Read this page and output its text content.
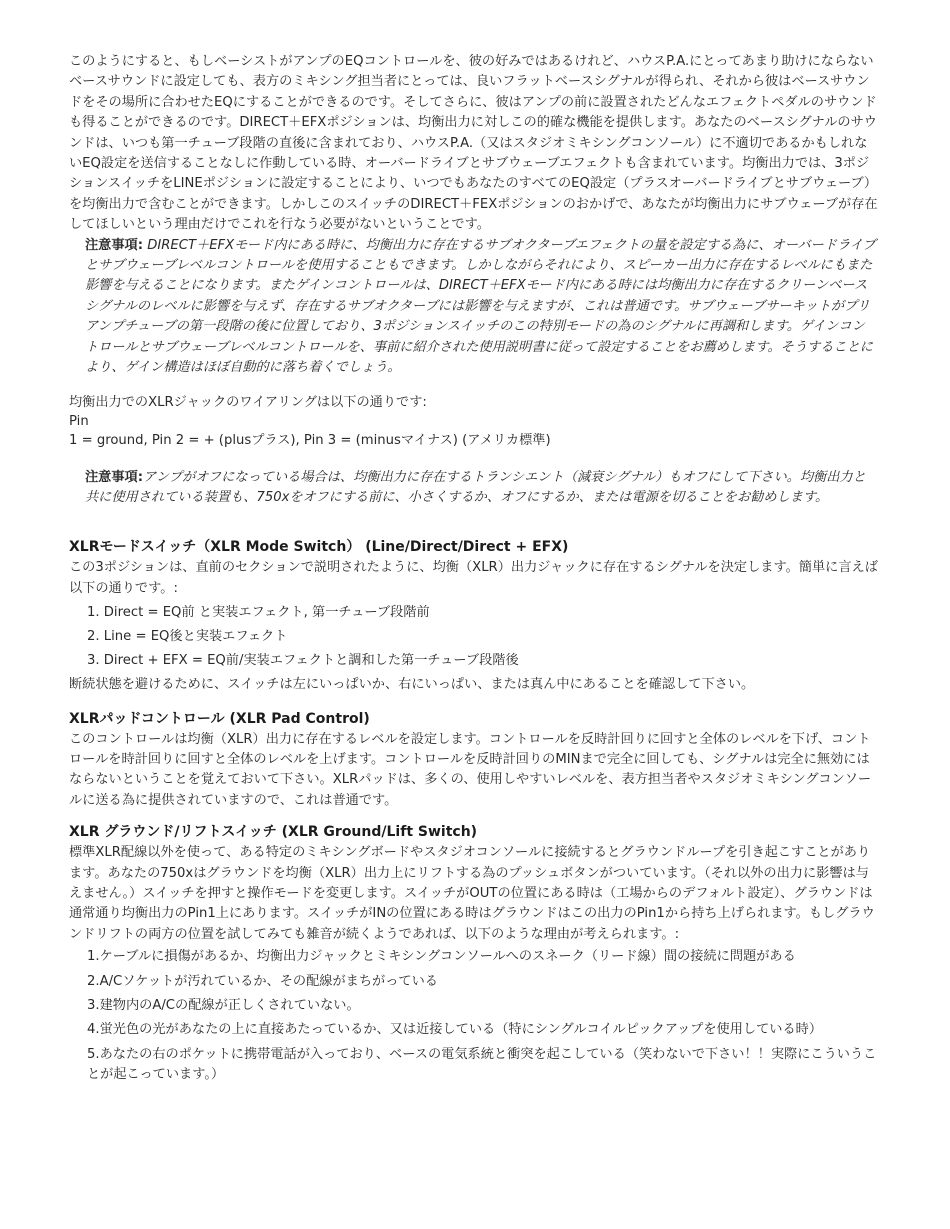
このようにすると、もしベーシストがアンプのEQコントロールを、彼の好みではあるけれど、ハウスP.A.にとってあまり助けにならないベースサウンドに設定しても、表方のミキシング担当者にとっては、良いフラットベースシグナルが得られ、それから彼はベースサウンドをその場所に合わせたEQにすることができるのです。そしてさらに、彼はアンプの前に設置されたどんなエフェクトペダルのサウンドも得ることができるのです。DIRECT＋EFXポジションは、均衡出力に対しこの的確な機能を提供します。あなたのベースシグナルのサウンドは、いつも第一チューブ段階の直後に含まれており、ハウスP.A.（又はスタジオミキシングコンソール）に不適切であるかもしれないEQ設定を送信することなしに作動している時、オーバードライブとサブウェーブエフェクトも含まれています。均衡出力では、3ポジションスイッチをLINEポジションに設定することにより、いつでもあなたのすべてのEQ設定（プラスオーバードライブとサブウェーブ）を均衡出力で含むことができます。しかしこのスイッチのDIRECT＋FEXポジションのおかげで、あなたが均衡出力にサブウェーブが存在してほしいという理由だけでこれを行なう必要がないということです。

注意事項: DIRECT＋EFXモード内にある時に、均衡出力に存在するサブオクターブエフェクトの量を設定する為に、オーバードライブとサブウェーブレベルコントロールを使用することもできます。しかしながらそれにより、スピーカー出力に存在するレベルにもまた影響を与えることになります。またゲインコントロールは、DIRECT＋EFXモード内にある時には均衡出力に存在するクリーンベースシグナルのレベルに影響を与えず、存在するサブオクターブには影響を与えますが、これは普通です。サブウェーブサーキットがプリアンプチューブの第一段階の後に位置しており、3ポジションスイッチのこの特別モードの為のシグナルに再調和します。ゲインコントロールとサブウェーブレベルコントロールを、事前に紹介された使用説明書に従って設定することをお薦めします。そうすることにより、ゲイン構造はほぼ自動的に落ち着くでしょう。

均衡出力でのXLRジャックのワイアリングは以下の通りです:

Pin

1 = ground, Pin 2 = + (plusプラス), Pin 3 = (minusマイナス) (アメリカ標準)

注意事項:アンプがオフになっている場合は、均衡出力に存在するトランシエント（減衰シグナル）もオフにして下さい。均衡出力と共に使用されている装置も、750xをオフにする前に、小さくするか、オフにするか、または電源を切ることをお勧めします。

XLRモードスイッチ（XLR Mode Switch） (Line/Direct/Direct + EFX)

この3ポジションは、直前のセクションで説明されたように、均衡（XLR）出力ジャックに存在するシグナルを決定します。簡単に言えば以下の通りです。:

1. Direct = EQ前 と実装エフェクト, 第一チューブ段階前
2. Line = EQ後と実装エフェクト
3. Direct + EFX = EQ前/実装エフェクトと調和した第一チューブ段階後

断続状態を避けるために、スイッチは左にいっぱいか、右にいっぱい、または真ん中にあることを確認して下さい。

XLRパッドコントロール (XLR Pad Control)

このコントロールは均衡（XLR）出力に存在するレベルを設定します。コントロールを反時計回りに回すと全体のレベルを下げ、コントロールを時計回りに回すと全体のレベルを上げます。コントロールを反時計回りのMINまで完全に回しても、シグナルは完全に無効にはならないということを覚えておいて下さい。XLRパッドは、多くの、使用しやすいレベルを、表方担当者やスタジオミキシングコンソールに送る為に提供されていますので、これは普通です。

XLR グラウンド/リフトスイッチ (XLR Ground/Lift Switch)

標準XLR配線以外を使って、ある特定のミキシングボードやスタジオコンソールに接続するとグラウンドループを引き起こすことがあります。あなたの750xはグラウンドを均衡（XLR）出力上にリフトする為のプッシュボタンがついています。（それ以外の出力に影響は与えません。）スイッチを押すと操作モードを変更します。スイッチがOUTの位置にある時は（工場からのデフォルト設定）、グラウンドは通常通り均衡出力のPin1上にあります。スイッチがINの位置にある時はグラウンドはこの出力のPin1から持ち上げられます。もしグラウンドリフトの両方の位置を試してみても雑音が続くようであれば、以下のような理由が考えられます。:

1.ケーブルに損傷があるか、均衡出力ジャックとミキシングコンソールへのスネーク（リード線）間の接続に問題がある
2.A/Cソケットが汚れているか、その配線がまちがっている
3.建物内のA/Cの配線が正しくされていない。
4.蛍光色の光があなたの上に直接あたっているか、又は近接している（特にシングルコイルピックアップを使用している時）
5.あなたの右のポケットに携帯電話が入っており、ベースの電気系統と衝突を起こしている（笑わないで下さい！！実際にこういうことが起こっています。）
